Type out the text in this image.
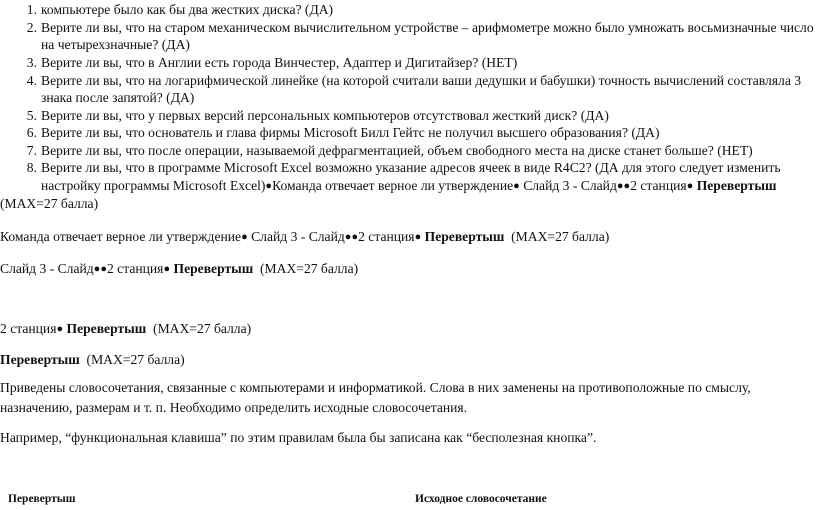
1. компьютере было как бы два жестких диска? (ДА)
2. Верите ли вы, что на старом механическом вычислительном устройстве – арифмометре можно было умножать восьмизначные число
на четырехзначные? (ДА)
3. Верите ли вы, что в Англии есть города Винчестер, Адаптер и Дигитайзер? (НЕТ)
4. Верите ли вы, что на логарифмической линейке (на которой считали ваши дедушки и бабушки) точность вычислений составляла 3
знака после запятой? (ДА)
5. Верите ли вы, что у первых версий персональных компьютеров отсутствовал жесткий диск? (ДА)
6. Верите ли вы, что основатель и глава фирмы Microsoft Билл Гейтс не получил высшего образования? (ДА)
7. Верите ли вы, что после операции, называемой дефрагментацией, объем свободного места на диске станет больше? (НЕТ)
8. Верите ли вы, что в программе Microsoft Excel возможно указание адресов ячеек в виде R4C2? (ДА для этого следует изменить
настройку программы Microsoft Excel)●Команда отвечает верное ли утверждение● Слайд 3 - Слайд●●2 станция● Перевертыш
(MAX=27 балла)
Команда отвечает верное ли утверждение● Слайд 3 - Слайд●●2 станция● Перевертыш  (MAX=27 балла)
Слайд 3 - Слайд●●2 станция● Перевертыш  (MAX=27 балла)
2 станция● Перевертыш  (MAX=27 балла)
Перевертыш  (MAX=27 балла)
Приведены словосочетания, связанные с компьютерами и информатикой. Слова в них заменены на противоположные по смыслу,
назначению, размерам и т. п. Необходимо определить исходные словосочетания.
Например, “функциональная клавиша” по этим правилам была бы записана как “бесполезная кнопка”.
Перевертыш	Исходное словосочетание
